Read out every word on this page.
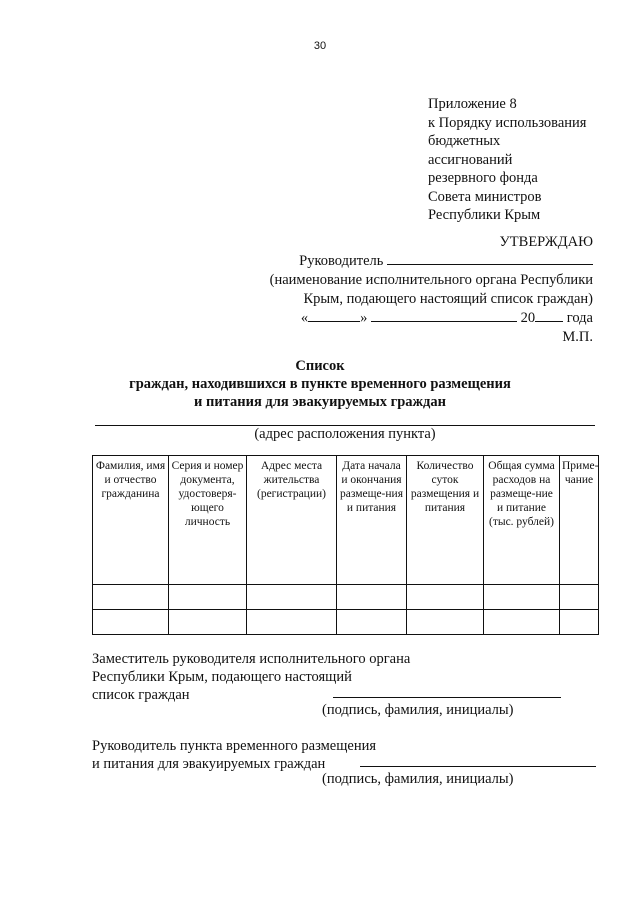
30
Приложение 8
к Порядку использования
бюджетных
ассигнований
резервного фонда
Совета министров
Республики Крым
УТВЕРЖДАЮ
Руководитель
(наименование исполнительного органа Республики
Крым, подающего настоящий список граждан)
«	»	20 года
М.П.
Список
граждан, находившихся в пункте временного размещения
и питания для эвакуируемых граждан
(адрес расположения пункта)
Фамилия, имя и отчество гражданина	Серия и номер документа, удостоверя-ющего личность	Адрес места жительства (регистрации)	Дата начала и окончания размеще-ния и питания	Количество суток размещения и питания	Общая сумма расходов на размеще-ние и питание (тыс. рублей)	Приме-чание

Заместитель руководителя исполнительного органа
Республики Крым, подающего настоящий
список граждан
(подпись, фамилия, инициалы)
Руководитель пункта временного размещения
и питания для эвакуируемых граждан
(подпись, фамилия, инициалы)
